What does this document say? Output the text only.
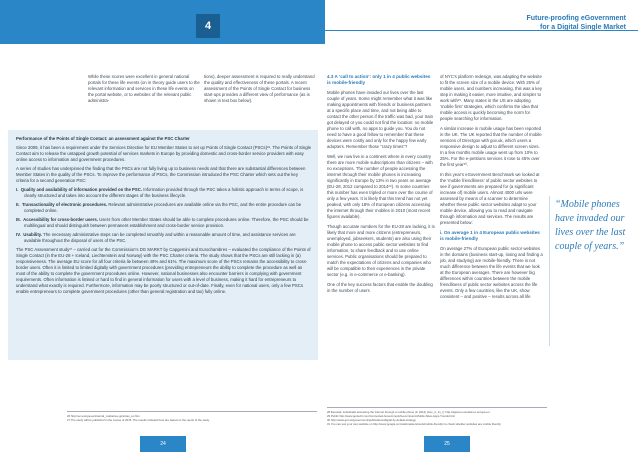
4
Future-proofing eGovernment
for a Digital Single Market

While these scores were excellent in general national portals for these life events (on in theory guide users to the relevant information and services in these life events on the portal website, or to websites of the relevant public administra-

tions), deeper assessment is required to really understand the quality and effectiveness of these portals. A recent assessment of the Points of Single Contact for business start-ups provides a different view of performance (as is shown in text box below).

Performance of the Points of Single Contact: an assessment against the PSC Charter

Since 2009, it has been a requirement under the Services Directive for EU Member States to set up Points of Single Contact (PSCs)²⁶. The Points of Single Contact aim to release the untapped growth potential of services markets in Europe by providing domestic and cross-border service providers with easy online access to information and government procedures.

A series of studies has underpinned the finding that the PSCs are not fully living up to business needs and that there are substantial differences between Member States in the quality of the PSCs. To improve the performance of PSCs, the Commission introduced the PSC Charter which sets out the key criteria for a second generation PSC:

I.  Quality and availability of information provided on the PSC. Information provided through the PSC takes a holistic approach in terms of scope, is clearly structured and takes into account the different stages of the business lifecycle.

II.  Transactionality of electronic procedures. Relevant administrative procedures are available online via the PSC, and the entire procedure can be completed online.

III.  Accessibility for cross-border users. Users from other Member States should be able to complete procedures online. Therefore, the PSC should be multilingual and should distinguish between permanent establishment and cross-border service provision.

IV.  Usability. The necessary administrative steps can be completed smoothly and within a reasonable amount of time, and assistance services are available throughout the disposal of users of the PSC.

The PSC Assessment study²⁷ – carried out for the Commission's DG MARKT by Capgemini and Eurochambres – evaluated the compliance of the Points of Single Contact (in the EU-28 + Iceland, Liechtenstein and Norway) with the PSC Charter criteria. The study shows that the PSCs are still lacking in (a) responsiveness. The average EU score for all four criteria lie between 49% and 61%. The maximum score of the PSCs remains the accessibility to cross-border users. Often it is limited to limited digitally with government procedures (providing entrepreneurs the ability to complete the procedure as well as most of the ability to complete the government procedures online. However, national businesses also encounter barriers in complying with government requirements. Often information is limited or hard to find in general information for users with a level of business, making it hard for entrepreneurs to understand what exactly is required. Furthermore, information may be poorly structured or out-of-date. Finally, even for national users, only a few PSCs enable entrepreneurs to complete government procedures (other than general registration and tax) fully online.

26 http://ec.europa.eu/internal_market/eu-go/index_en.htm
27 The study will be published in the course of 2015. The results included here are based on the report of the study

4.3 A ‘call to action’: only 1 in 4 public websites is mobile-friendly

Mobile phones have invaded our lives over the last couple of years. Some might remember what it was like making appointments with friends or business partners at a specific place and time, and not being able to contact the other person if the traffic was bad, your train got delayed or you could not find the location: no mobile phone to call with, no apps to guide you. You do not need to have a good fellow to remember that these devices were costly and only for the happy few early adopters. Remember those “crazy times”?

Well, we now live in a continent where in every country there are more mobile subscriptions than citizens – with no exceptions. The number of people accessing the internet through their mobile phones is increasing significantly in Europe by 13% in two years on average (EU-28, 2012 compared to 2014²⁸). In some countries this number has even tripled or more over the course of only a few years. It is likely that this trend has not yet peaked, with only 18% of European citizens accessing the internet through their mobiles in 2010 (most recent figures available).

Though accurate numbers for the EU-28 are lacking, it is likely that more and more citizens (entrepreneurs, unemployed, jobseekers, students) are also using their mobile phone to access public sector websites to find information, to share feedback and to use online services. Public organisations should be prepared to match the expectations of citizens and companies who will be compatible to their experiences in the private sector (e.g. in e-commerce or e-banking).

One of the key success factors that enable the doubling in the number of users

of NYC's platform redesign, was adapting the website to fit the screen size of a mobile device. With 25% of mobile users, and numbers increasing, this was a key step in making it easier, more intuitive, and simpler to work with²⁹. Many states in the US are adopting ‘mobile first’ strategies, which confirms the idea that mobile access is quickly becoming the norm for people searching for information.

A similar increase in mobile usage has been reported in the UK. The UK reported that the number of mobile versions of Directgov with gov.uk, which users a responsive design to adjust to different screen sizes. In a few months mobile usage went up from 10% to 25%. For the e-petitions services it rose to 45% over the first year³⁰.

In this year's eGovernment Benchmark we looked at the ‘mobile friendliness’ of public sector websites to see if governments are prepared for (a significant increase of) mobile users. Almost 4000 urls were assessed by means of a scanner to determine whether these public sector websites adapt to your mobile device, allowing you to read and navigate through information and services. The results are presented below:

i. On average 1 in 4 European public websites is mobile-friendly

On average 27% of European public sector websites in the domains (business start-up, losing and finding a job, and studying) are mobile-friendly. There is not much difference between the life events that we look at the European averages. There are however big differences within countries between the mobile friendliness of public sector websites across the life events. Only a few countries, like the UK, show consistent – and positive – results across all life

“Mobile phones have invaded our lives over the last couple of years.”
28 Eurostat: Individuals accessing the internet through a mobile phone (in 2014) (isoc_ci_im_i): http://appsso.eurostat.ec.europa.eu
29 Public http://www.govtech.com/Connected-Government/Government-Mobile-Sites-Apps-Trends.html
30 http://www.gov.uk/government/publications/digital-by-default-strategy
31 You can test your own website on http://www.google.com/webmasters/tools/mobile-friendly/ to check whether websites are mobile friendly
24	25
